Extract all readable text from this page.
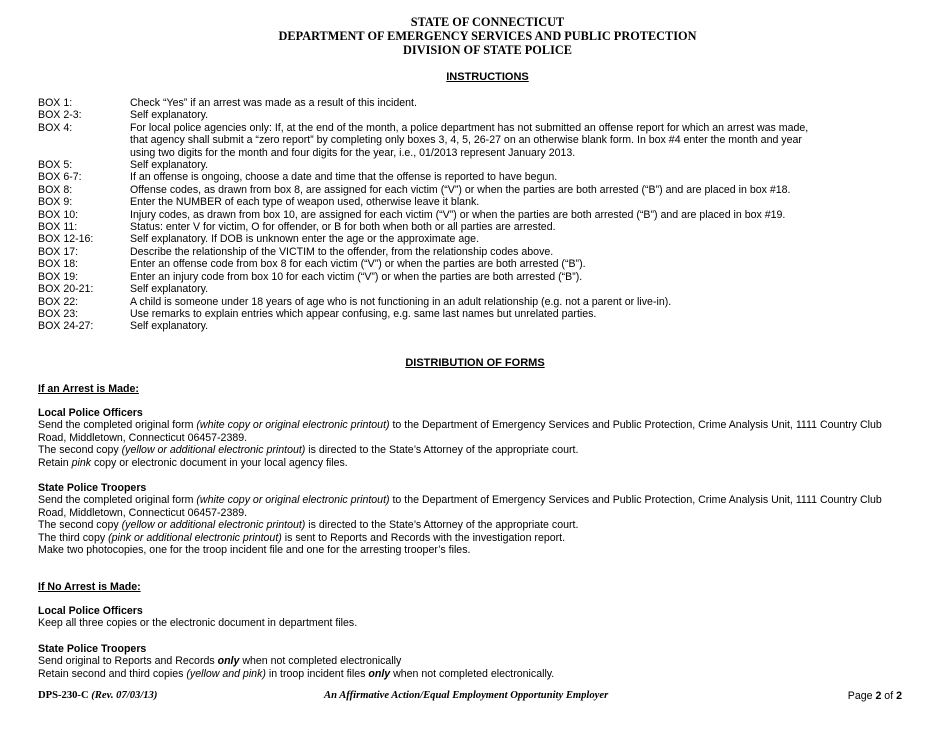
STATE OF CONNECTICUT
DEPARTMENT OF EMERGENCY SERVICES AND PUBLIC PROTECTION
DIVISION OF STATE POLICE
INSTRUCTIONS
BOX 1:	Check “Yes” if an arrest was made as a result of this incident.
BOX 2-3:	Self explanatory.
BOX 4:	For local police agencies only: If, at the end of the month, a police department has not submitted an offense report for which an arrest was made, that agency shall submit a “zero report” by completing only boxes 3, 4, 5, 26-27 on an otherwise blank form. In box #4 enter the month and year using two digits for the month and four digits for the year, i.e., 01/2013 represent January 2013.
BOX 5:	Self explanatory.
BOX 6-7:	If an offense is ongoing, choose a date and time that the offense is reported to have begun.
BOX 8:	Offense codes, as drawn from box 8, are assigned for each victim (“V”) or when the parties are both arrested (“B”) and are placed in box #18.
BOX 9:	Enter the NUMBER of each type of weapon used, otherwise leave it blank.
BOX 10:	Injury codes, as drawn from box 10, are assigned for each victim (“V”) or when the parties are both arrested (“B”) and are placed in box #19.
BOX 11:	Status: enter V for victim, O for offender, or B for both when both or all parties are arrested.
BOX 12-16:	Self explanatory. If DOB is unknown enter the age or the approximate age.
BOX 17:	Describe the relationship of the VICTIM to the offender, from the relationship codes above.
BOX 18:	Enter an offense code from box 8 for each victim (“V”) or when the parties are both arrested (“B”).
BOX 19:	Enter an injury code from box 10 for each victim (“V”) or when the parties are both arrested (“B”).
BOX 20-21:	Self explanatory.
BOX 22:	A child is someone under 18 years of age who is not functioning in an adult relationship (e.g. not a parent or live-in).
BOX 23:	Use remarks to explain entries which appear confusing, e.g. same last names but unrelated parties.
BOX 24-27:	Self explanatory.
DISTRIBUTION OF FORMS
If an Arrest is Made:
Local Police Officers
Send the completed original form (white copy or original electronic printout) to the Department of Emergency Services and Public Protection, Crime Analysis Unit, 1111 Country Club Road, Middletown, Connecticut 06457-2389.
The second copy (yellow or additional electronic printout) is directed to the State’s Attorney of the appropriate court.
Retain pink copy or electronic document in your local agency files.
State Police Troopers
Send the completed original form (white copy or original electronic printout) to the Department of Emergency Services and Public Protection, Crime Analysis Unit, 1111 Country Club Road, Middletown, Connecticut 06457-2389.
The second copy (yellow or additional electronic printout) is directed to the State’s Attorney of the appropriate court.
The third copy (pink or additional electronic printout) is sent to Reports and Records with the investigation report.
Make two photocopies, one for the troop incident file and one for the arresting trooper’s files.
If No Arrest is Made:
Local Police Officers
Keep all three copies or the electronic document in department files.
State Police Troopers
Send original to Reports and Records only when not completed electronically
Retain second and third copies (yellow and pink) in troop incident files only when not completed electronically.
DPS-230-C (Rev. 07/03/13)	An Affirmative Action/Equal Employment Opportunity Employer	Page 2 of 2
